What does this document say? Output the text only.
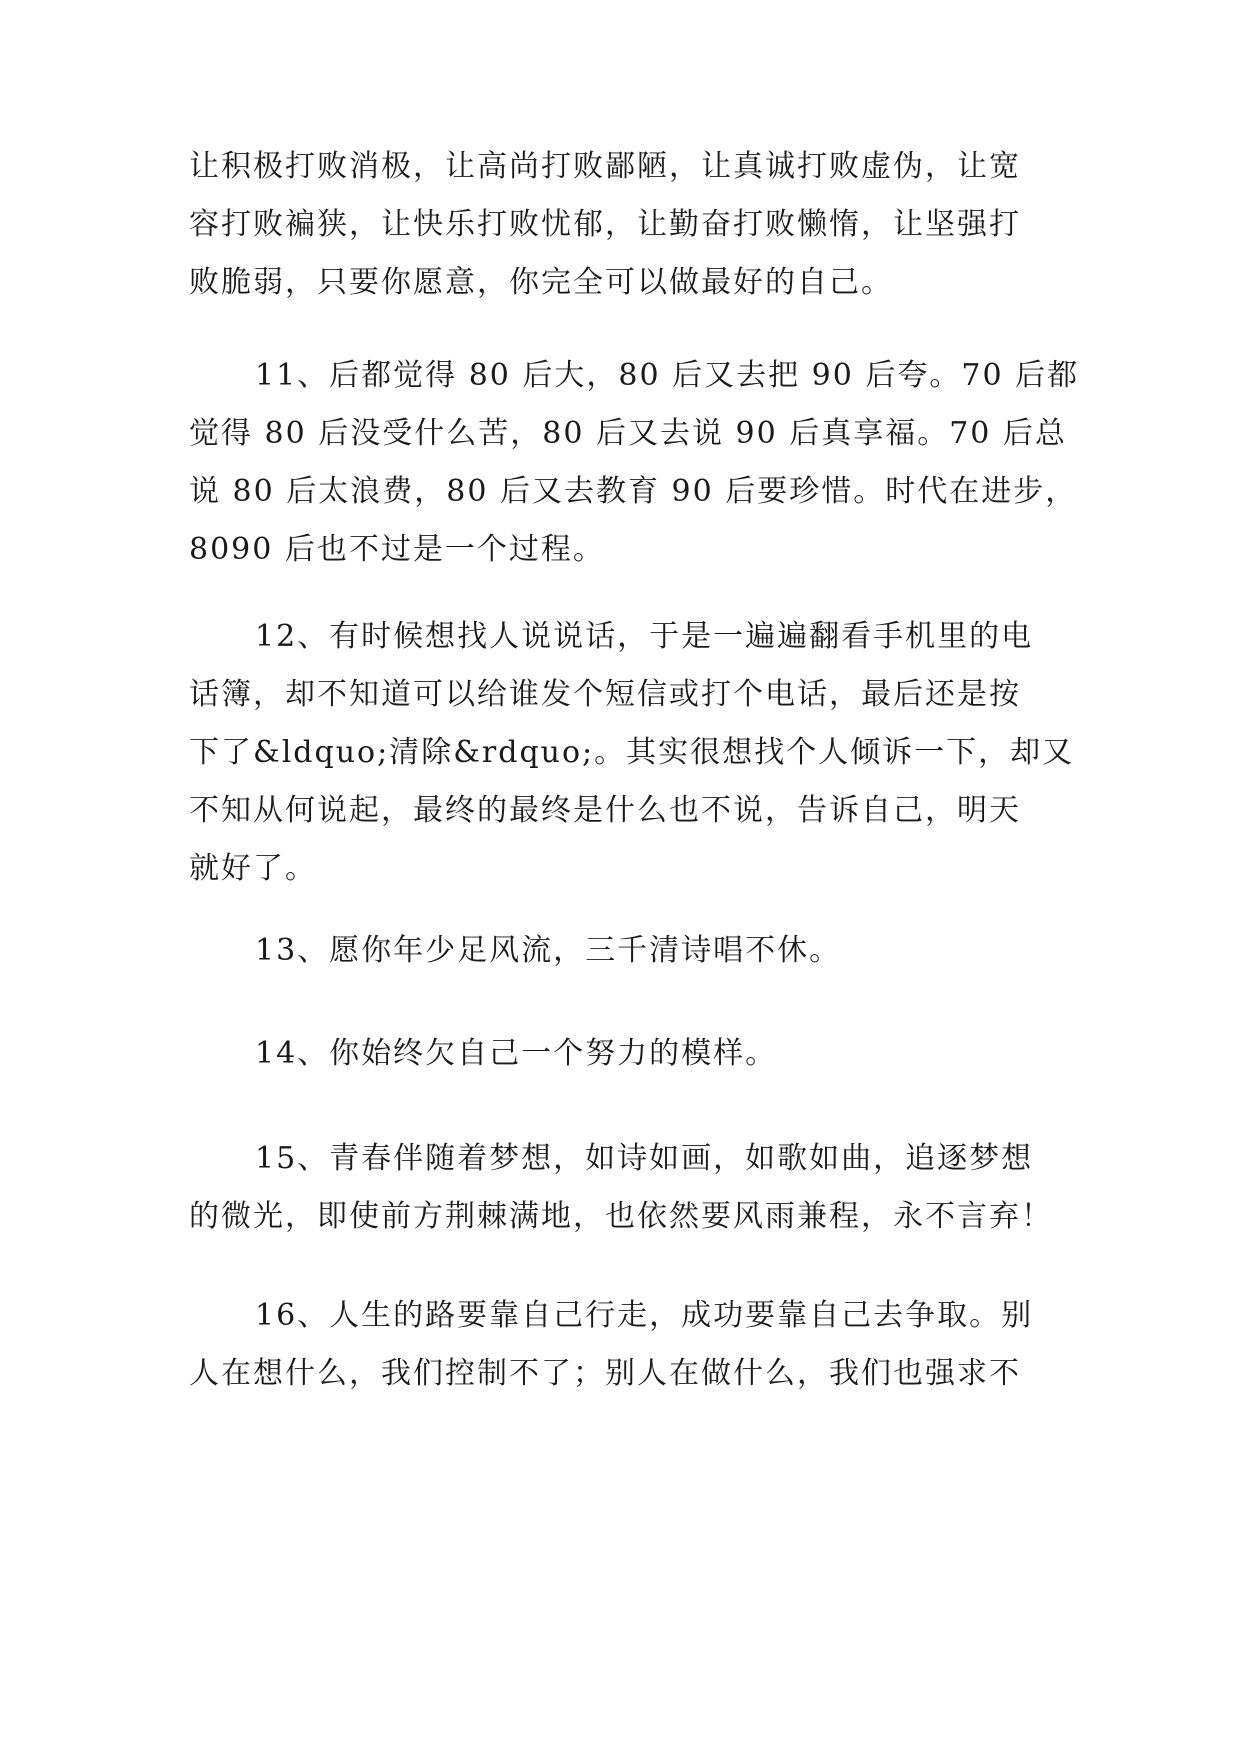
让积极打败消极，让高尚打败鄙陋，让真诚打败虚伪，让宽
容打败褊狭，让快乐打败忧郁，让勤奋打败懒惰，让坚强打
败脆弱，只要你愿意，你完全可以做最好的自己。
11、后都觉得 80 后大，80 后又去把 90 后夸。70 后都
觉得 80 后没受什么苦，80 后又去说 90 后真享福。70 后总
说 80 后太浪费，80 后又去教育 90 后要珍惜。时代在进步，
8090 后也不过是一个过程。
12、有时候想找人说说话，于是一遍遍翻看手机里的电
话簿，却不知道可以给谁发个短信或打个电话，最后还是按
下了&ldquo;清除&rdquo;。其实很想找个人倾诉一下，却又
不知从何说起，最终的最终是什么也不说，告诉自己，明天
就好了。
13、愿你年少足风流，三千清诗唱不休。
14、你始终欠自己一个努力的模样。
15、青春伴随着梦想，如诗如画，如歌如曲，追逐梦想
的微光，即使前方荆棘满地，也依然要风雨兼程，永不言弃！
16、人生的路要靠自己行走，成功要靠自己去争取。别
人在想什么，我们控制不了；别人在做什么，我们也强求不
